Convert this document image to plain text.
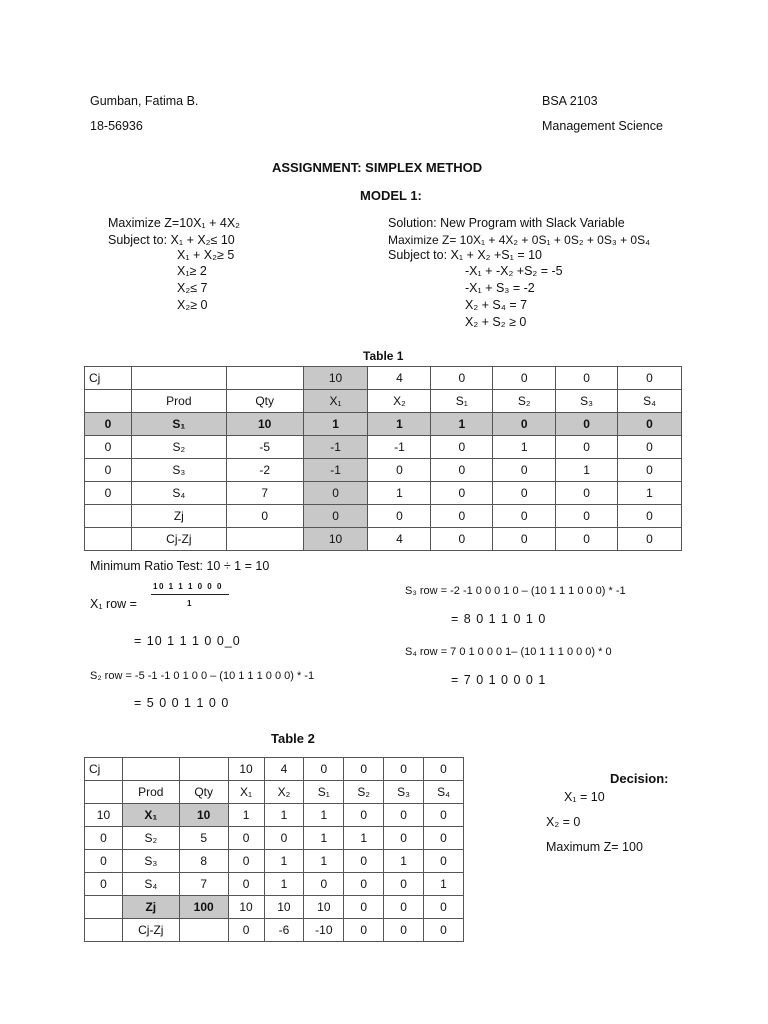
Gumban, Fatima B.
18-56936
BSA 2103
Management Science
ASSIGNMENT: SIMPLEX METHOD
MODEL 1:
Maximize Z=10X₁ + 4X₂
Subject to: X₁ + X₂≤ 10
X₁ + X₂≥ 5
X₁≥ 2
X₂≤ 7
X₂≥ 0
Solution: New Program with Slack Variable
Maximize Z= 10X₁ + 4X₂ + 0S₁ + 0S₂ + 0S₃ + 0S₄
Subject to: X₁ + X₂ +S₁ = 10
-X₁ + -X₂ +S₂ = -5
-X₁ + S₃ = -2
X₂ + S₄ = 7
X₂ + S₂ ≥ 0
Table 1
Cj			10	4	0	0	0	0
	Prod	Qty	X₁	X₂	S₁	S₂	S₃	S₄
0	S₁	10	1	1	1	0	0	0
0	S₂	-5	-1	-1	0	1	0	0
0	S₃	-2	-1	0	0	0	1	0
0	S₄	7	0	1	0	0	0	1
	Zj	0	0	0	0	0	0	0
	Cj-Zj		10	4	0	0	0	0
Minimum Ratio Test: 10 ÷ 1 = 10
X₁ row =
10 1 1 1 0 0 0
1
= 10 1 1 1 0 0_0
S₂ row = -5 -1 -1 0 1 0 0 – (10 1 1 1 0 0 0) * -1
= 5 0 0 1 1 0 0
S₃ row = -2 -1 0 0 0 1 0 – (10 1 1 1 0 0 0) * -1
= 8 0 1 1 0 1 0
S₄ row = 7 0 1 0 0 0 1– (10 1 1 1 0 0 0) * 0
= 7 0 1 0 0 0 1
Table 2
Cj			10	4	0	0	0	0
	Prod	Qty	X₁	X₂	S₁	S₂	S₃	S₄
10	X₁	10	1	1	1	0	0	0
0	S₂	5	0	0	1	1	0	0
0	S₃	8	0	1	1	0	1	0
0	S₄	7	0	1	0	0	0	1
	Zj	100	10	10	10	0	0	0
	Cj-Zj		0	-6	-10	0	0	0
Decision:
X₁ = 10
X₂ = 0
Maximum Z= 100
